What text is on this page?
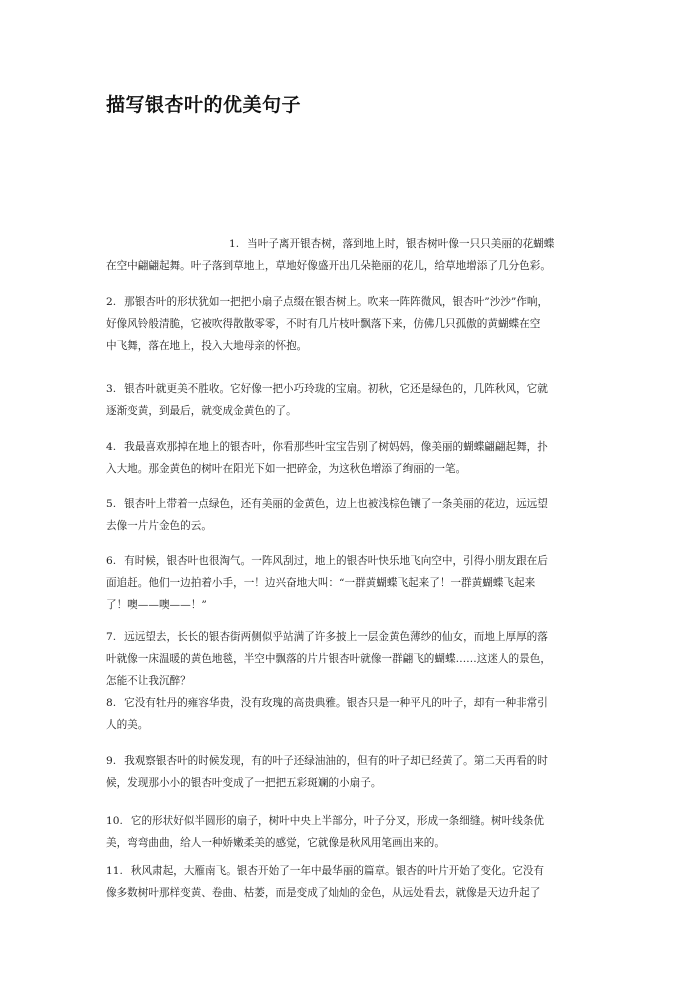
描写银杏叶的优美句子

1. 当叶子离开银杏树，落到地上时，银杏树叶像一只只美丽的花蝴蝶

在空中翩翩起舞。叶子落到草地上，草地好像盛开出几朵艳丽的花儿，给草地增添了几分色彩。

2. 那银杏叶的形状犹如一把把小扇子点缀在银杏树上。吹来一阵阵微风，银杏叶”沙沙”作响，

好像风铃般清脆，它被吹得散散零零，不时有几片枝叶飘落下来，仿佛几只孤傲的黄蝴蝶在空

中飞舞，落在地上，投入大地母亲的怀抱。

3. 银杏叶就更美不胜收。它好像一把小巧玲珑的宝扇。初秋，它还是绿色的，几阵秋风，它就

逐渐变黄，到最后，就变成金黄色的了。

4. 我最喜欢那掉在地上的银杏叶，你看那些叶宝宝告别了树妈妈，像美丽的蝴蝶翩翩起舞，扑

入大地。那金黄色的树叶在阳光下如一把碎金，为这秋色增添了绚丽的一笔。

5. 银杏叶上带着一点绿色，还有美丽的金黄色，边上也被浅棕色镶了一条美丽的花边，远远望

去像一片片金色的云。

6. 有时候，银杏叶也很淘气。一阵风刮过，地上的银杏叶快乐地飞向空中，引得小朋友跟在后

面追赶。他们一边拍着小手，一！边兴奋地大叫：“一群黄蝴蝶飞起来了！一群黄蝴蝶飞起来

了！噢——噢——！”

7. 远远望去，长长的银杏街两侧似乎站满了许多披上一层金黄色薄纱的仙女，而地上厚厚的落

叶就像一床温暖的黄色地毯，半空中飘落的片片银杏叶就像一群翩飞的蝴蝶……这迷人的景色，

怎能不让我沉醉？

8. 它没有牡丹的雍容华贵，没有玫瑰的高贵典雅。银杏只是一种平凡的叶子，却有一种非常引

人的美。

9. 我观察银杏叶的时候发现，有的叶子还绿油油的，但有的叶子却已经黄了。第二天再看的时

候，发现那小小的银杏叶变成了一把把五彩斑斓的小扇子。

10. 它的形状好似半圆形的扇子，树叶中央上半部分，叶子分叉，形成一条细缝。树叶线条优

美，弯弯曲曲，给人一种娇嫩柔美的感觉，它就像是秋风用笔画出来的。

11. 秋风肃起，大雁南飞。银杏开始了一年中最华丽的篇章。银杏的叶片开始了变化。它没有

像多数树叶那样变黄、卷曲、枯萎，而是变成了灿灿的金色，从远处看去，就像是天边升起了
